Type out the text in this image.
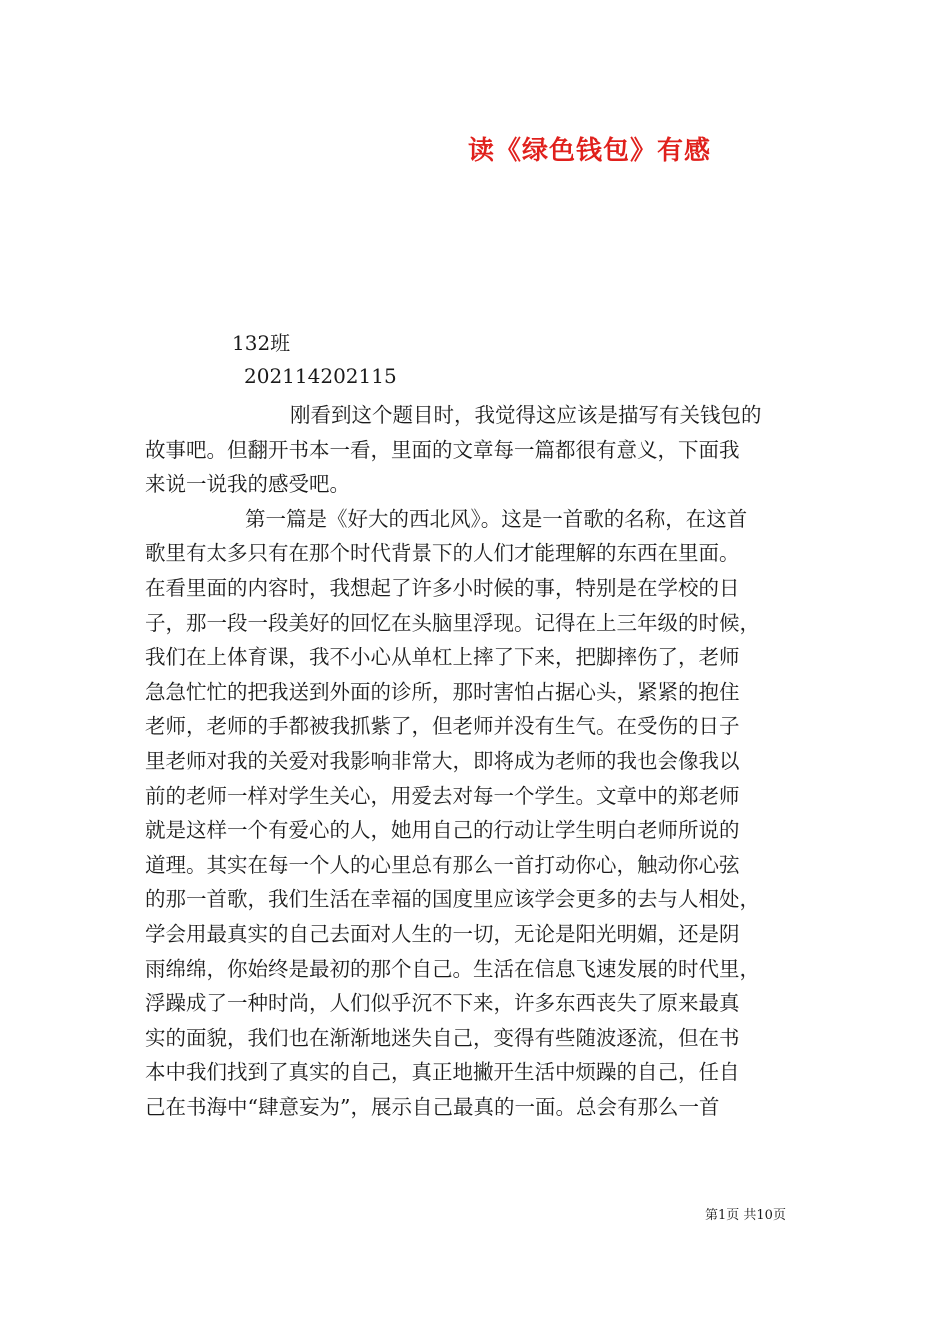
读《绿色钱包》有感
132班
202114202115
刚看到这个题目时，我觉得这应该是描写有关钱包的
故事吧。但翻开书本一看，里面的文章每一篇都很有意义，下面我
来说一说我的感受吧。
第一篇是《好大的西北风》。这是一首歌的名称，在这首
歌里有太多只有在那个时代背景下的人们才能理解的东西在里面。
在看里面的内容时，我想起了许多小时候的事，特别是在学校的日
子，那一段一段美好的回忆在头脑里浮现。记得在上三年级的时候，
我们在上体育课，我不小心从单杠上摔了下来，把脚摔伤了，老师
急急忙忙的把我送到外面的诊所，那时害怕占据心头，紧紧的抱住
老师，老师的手都被我抓紫了，但老师并没有生气。在受伤的日子
里老师对我的关爱对我影响非常大，即将成为老师的我也会像我以
前的老师一样对学生关心，用爱去对每一个学生。文章中的郑老师
就是这样一个有爱心的人，她用自己的行动让学生明白老师所说的
道理。其实在每一个人的心里总有那么一首打动你心，触动你心弦
的那一首歌，我们生活在幸福的国度里应该学会更多的去与人相处，
学会用最真实的自己去面对人生的一切，无论是阳光明媚，还是阴
雨绵绵，你始终是最初的那个自己。生活在信息飞速发展的时代里，
浮躁成了一种时尚，人们似乎沉不下来，许多东西丧失了原来最真
实的面貌，我们也在渐渐地迷失自己，变得有些随波逐流，但在书
本中我们找到了真实的自己，真正地撇开生活中烦躁的自己，任自
己在书海中“肆意妄为”，展示自己最真的一面。总会有那么一首
第1页 共10页
